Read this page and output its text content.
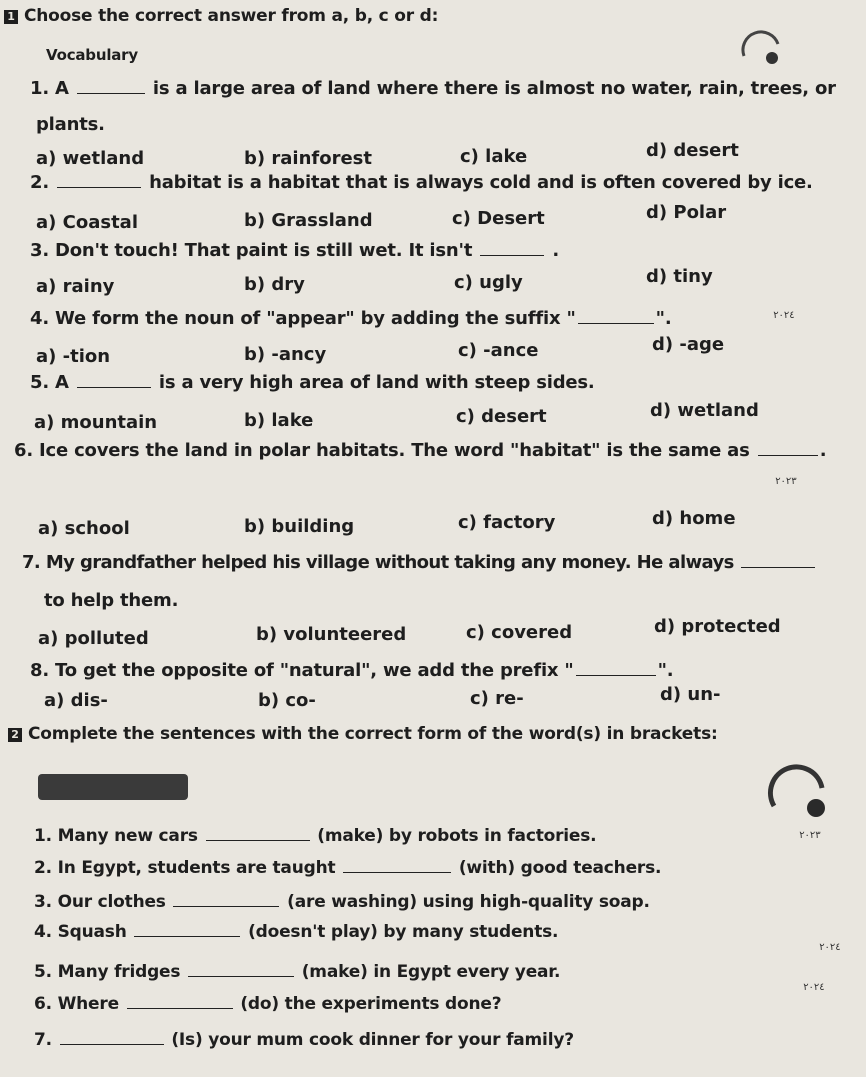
1 Choose the correct answer from a, b, c or d:
Vocabulary
1. A	is a large area of land where there is almost no water, rain, trees, or
plants.
a) wetland	b) rainforest	c) lake	d) desert
2.	habitat is a habitat that is always cold and is often covered by ice.
a) Coastal	b) Grassland	c) Desert	d) Polar
3. Don't touch! That paint is still wet. It isn't	.
a) rainy	b) dry	c) ugly	d) tiny
4. We form the noun of "appear" by adding the suffix "	".	٢٠٢٤ ‏
a) -tion	b) -ancy	c) -ance	d) -age
5. A	is a very high area of land with steep sides.
a) mountain	b) lake	c) desert	d) wetland
6. Ice covers the land in polar habitats. The word "habitat" is the same as	.
٢٠٢٣ ‏
a) school	b) building	c) factory	d) home
7. My grandfather helped his village without taking any money. He always
to help them.
a) polluted	b) volunteered	c) covered	d) protected
8. To get the opposite of "natural", we add the prefix "	".
a) dis-	b) co-	c) re-	d) un-
2 Complete the sentences with the correct form of the word(s) in brackets:
1. Many new cars	(make) by robots in factories.	٢٠٢٣ ‏
2. In Egypt, students are taught	(with) good teachers.
3. Our clothes	(are washing) using high-quality soap.
4. Squash	(doesn't play) by many students.
٢٠٢٤ ‏
5. Many fridges	(make) in Egypt every year.
٢٠٢٤ ‏
6. Where	(do) the experiments done?
7.	(Is) your mum cook dinner for your family?
